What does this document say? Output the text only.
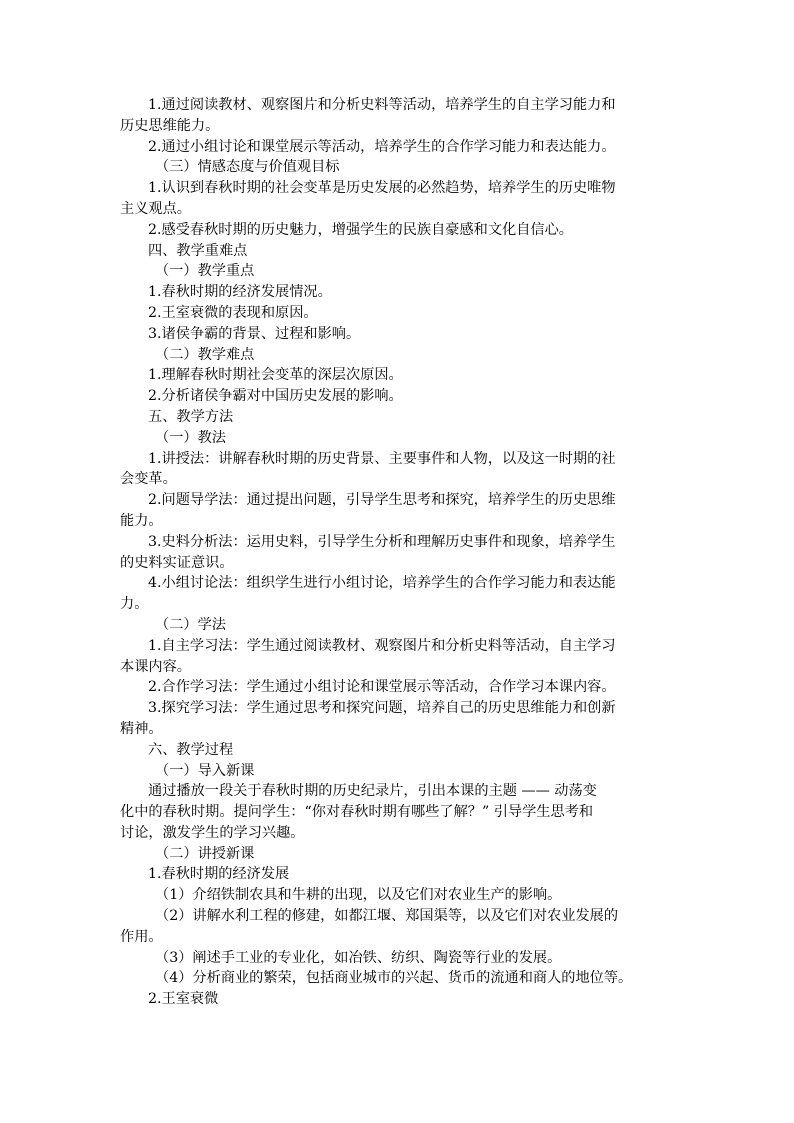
1.通过阅读教材、观察图片和分析史料等活动，培养学生的自主学习能力和
历史思维能力。
2.通过小组讨论和课堂展示等活动，培养学生的合作学习能力和表达能力。
（三）情感态度与价值观目标
1.认识到春秋时期的社会变革是历史发展的必然趋势，培养学生的历史唯物
主义观点。
2.感受春秋时期的历史魅力，增强学生的民族自豪感和文化自信心。
四、教学重难点
（一）教学重点
1.春秋时期的经济发展情况。
2.王室衰微的表现和原因。
3.诸侯争霸的背景、过程和影响。
（二）教学难点
1.理解春秋时期社会变革的深层次原因。
2.分析诸侯争霸对中国历史发展的影响。
五、教学方法
（一）教法
1.讲授法：讲解春秋时期的历史背景、主要事件和人物，以及这一时期的社
会变革。
2.问题导学法：通过提出问题，引导学生思考和探究，培养学生的历史思维
能力。
3.史料分析法：运用史料，引导学生分析和理解历史事件和现象，培养学生
的史料实证意识。
4.小组讨论法：组织学生进行小组讨论，培养学生的合作学习能力和表达能
力。
（二）学法
1.自主学习法：学生通过阅读教材、观察图片和分析史料等活动，自主学习
本课内容。
2.合作学习法：学生通过小组讨论和课堂展示等活动，合作学习本课内容。
3.探究学习法：学生通过思考和探究问题，培养自己的历史思维能力和创新
精神。
六、教学过程
（一）导入新课
通过播放一段关于春秋时期的历史纪录片，引出本课的主题 —— 动荡变
化中的春秋时期。提问学生：“你对春秋时期有哪些了解？” 引导学生思考和
讨论，激发学生的学习兴趣。
（二）讲授新课
1.春秋时期的经济发展
（1）介绍铁制农具和牛耕的出现，以及它们对农业生产的影响。
（2）讲解水利工程的修建，如都江堰、郑国渠等，以及它们对农业发展的
作用。
（3）阐述手工业的专业化，如冶铁、纺织、陶瓷等行业的发展。
（4）分析商业的繁荣，包括商业城市的兴起、货币的流通和商人的地位等。
2.王室衰微
